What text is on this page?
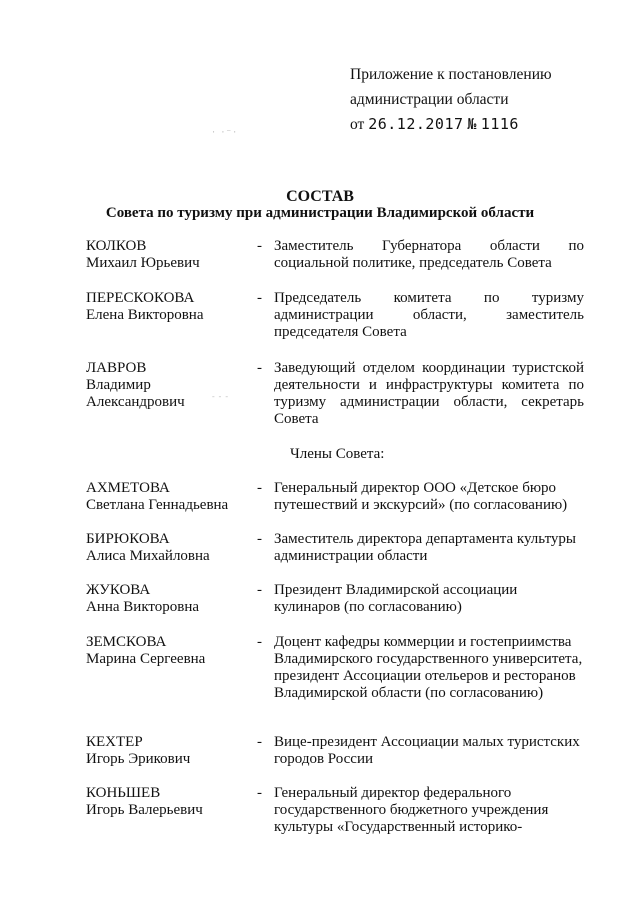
Приложение к постановлению
администрации области
от 26.12.2017 № 1116
⋅ ⋅⁻⋅
СОСТАВ
Совета по туризму при администрации Владимирской области
КОЛКОВ
Михаил Юрьевич
- Заместитель Губернатора области по социальной политике, председатель Совета
ПЕРЕСКОКОВА
Елена Викторовна
- Председатель комитета по туризму администрации области, заместитель председателя Совета
ЛАВРОВ
Владимир
Александрович
- Заведующий отделом координации туристской деятельности и инфраструктуры комитета по туризму администрации области, секретарь Совета
- - -
Члены Совета:
АХМЕТОВА
Светлана Геннадьевна
- Генеральный директор ООО «Детское бюро путешествий и экскурсий» (по согласованию)
БИРЮКОВА
Алиса Михайловна
- Заместитель директора департамента культуры администрации области
ЖУКОВА
Анна Викторовна
- Президент Владимирской ассоциации кулинаров (по согласованию)
ЗЕМСКОВА
Марина Сергеевна
- Доцент кафедры коммерции и гостеприимства Владимирского государственного университета, президент Ассоциации отельеров и ресторанов Владимирской области (по согласованию)
КЕХТЕР
Игорь Эрикович
- Вице-президент Ассоциации малых туристских городов России
КОНЬШЕВ
Игорь Валерьевич
- Генеральный директор федерального государственного бюджетного учреждения культуры «Государственный историко-
